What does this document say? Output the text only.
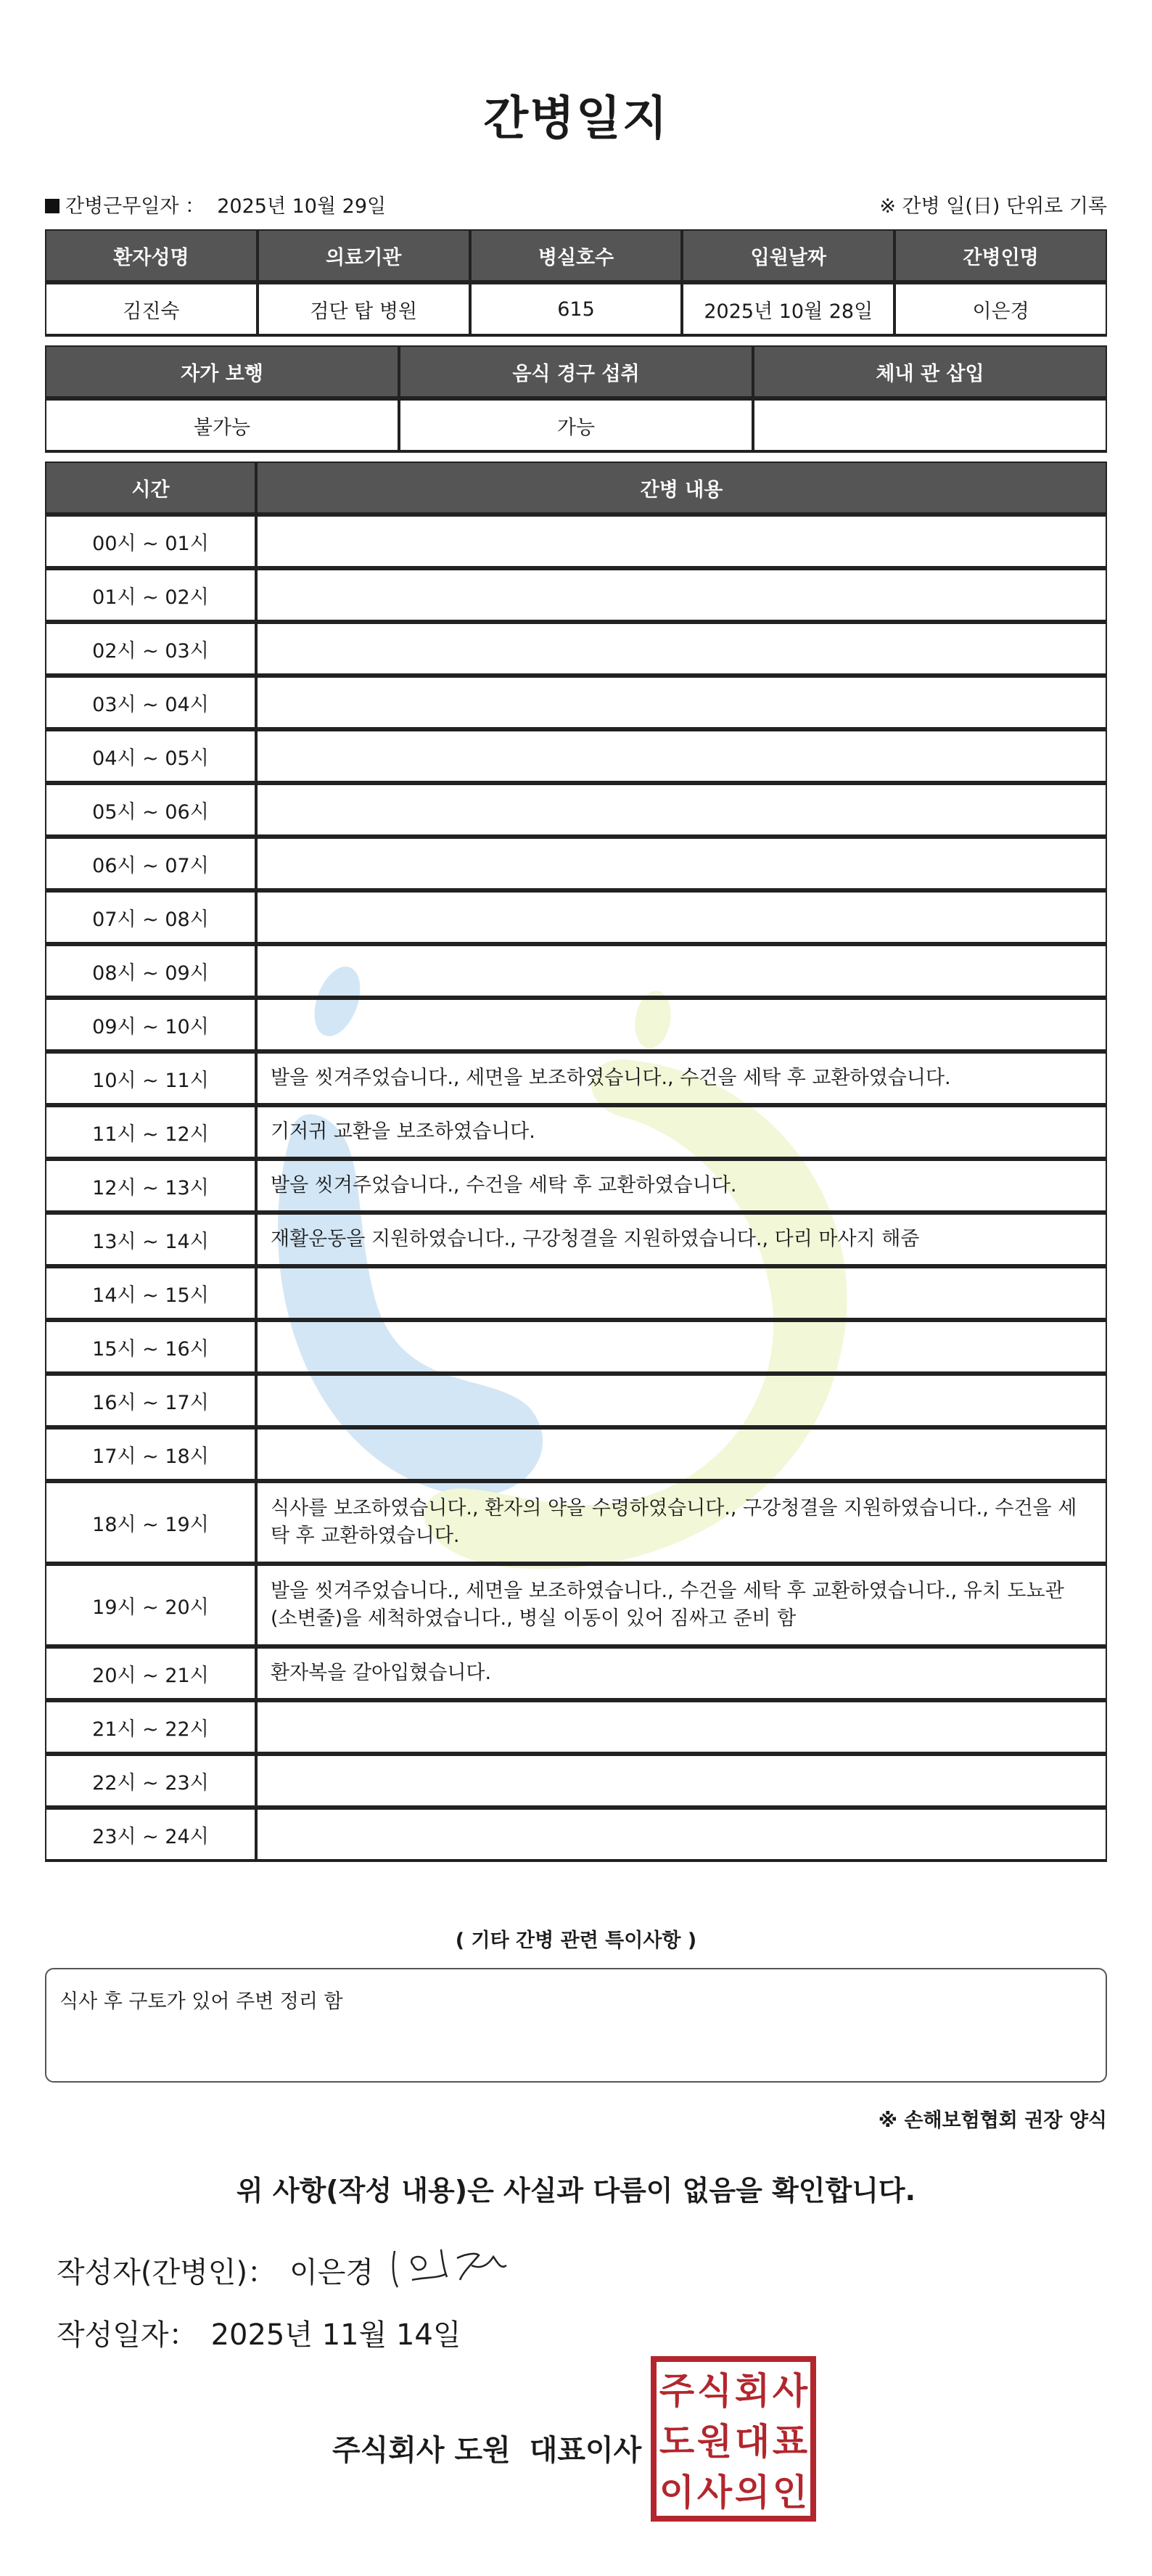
간병일지
간병근무일자 ： 2025년 10월 29일	※ 간병 일(日) 단위로 기록
환자성명	의료기관	병실호수	입원날짜	간병인명
김진숙	검단 탑 병원	615	2025년 10월 28일	이은경
자가 보행	음식 경구 섭취	체내 관 삽입
불가능	가능	
시간	간병 내용
00시 ~ 01시	
01시 ~ 02시	
02시 ~ 03시	
03시 ~ 04시	
04시 ~ 05시	
05시 ~ 06시	
06시 ~ 07시	
07시 ~ 08시	
08시 ~ 09시	
09시 ~ 10시	
10시 ~ 11시	발을 씻겨주었습니다., 세면을 보조하였습니다., 수건을 세탁 후 교환하였습니다.
11시 ~ 12시	기저귀 교환을 보조하였습니다.
12시 ~ 13시	발을 씻겨주었습니다., 수건을 세탁 후 교환하였습니다.
13시 ~ 14시	재활운동을 지원하였습니다., 구강청결을 지원하였습니다., 다리 마사지 해줌
14시 ~ 15시	
15시 ~ 16시	
16시 ~ 17시	
17시 ~ 18시	
18시 ~ 19시	식사를 보조하였습니다., 환자의 약을 수령하였습니다., 구강청결을 지원하였습니다., 수건을 세탁 후 교환하였습니다.
19시 ~ 20시	발을 씻겨주었습니다., 세면을 보조하였습니다., 수건을 세탁 후 교환하였습니다., 유치 도뇨관 (소변줄)을 세척하였습니다., 병실 이동이 있어 짐싸고 준비 함
20시 ~ 21시	환자복을 갈아입혔습니다.
21시 ~ 22시	
22시 ~ 23시	
23시 ~ 24시	
( 기타 간병 관련 특이사항 )
식사 후 구토가 있어 주변 정리 함
※ 손해보험협회 권장 양식
위 사항(작성 내용)은 사실과 다름이 없음을 확인합니다.
작성자(간병인)： 이은경
작성일자： 2025년 11월 14일
주식회사 도원 대표이사
주 식 회 사
도 원 대 표
이 사 의 인
